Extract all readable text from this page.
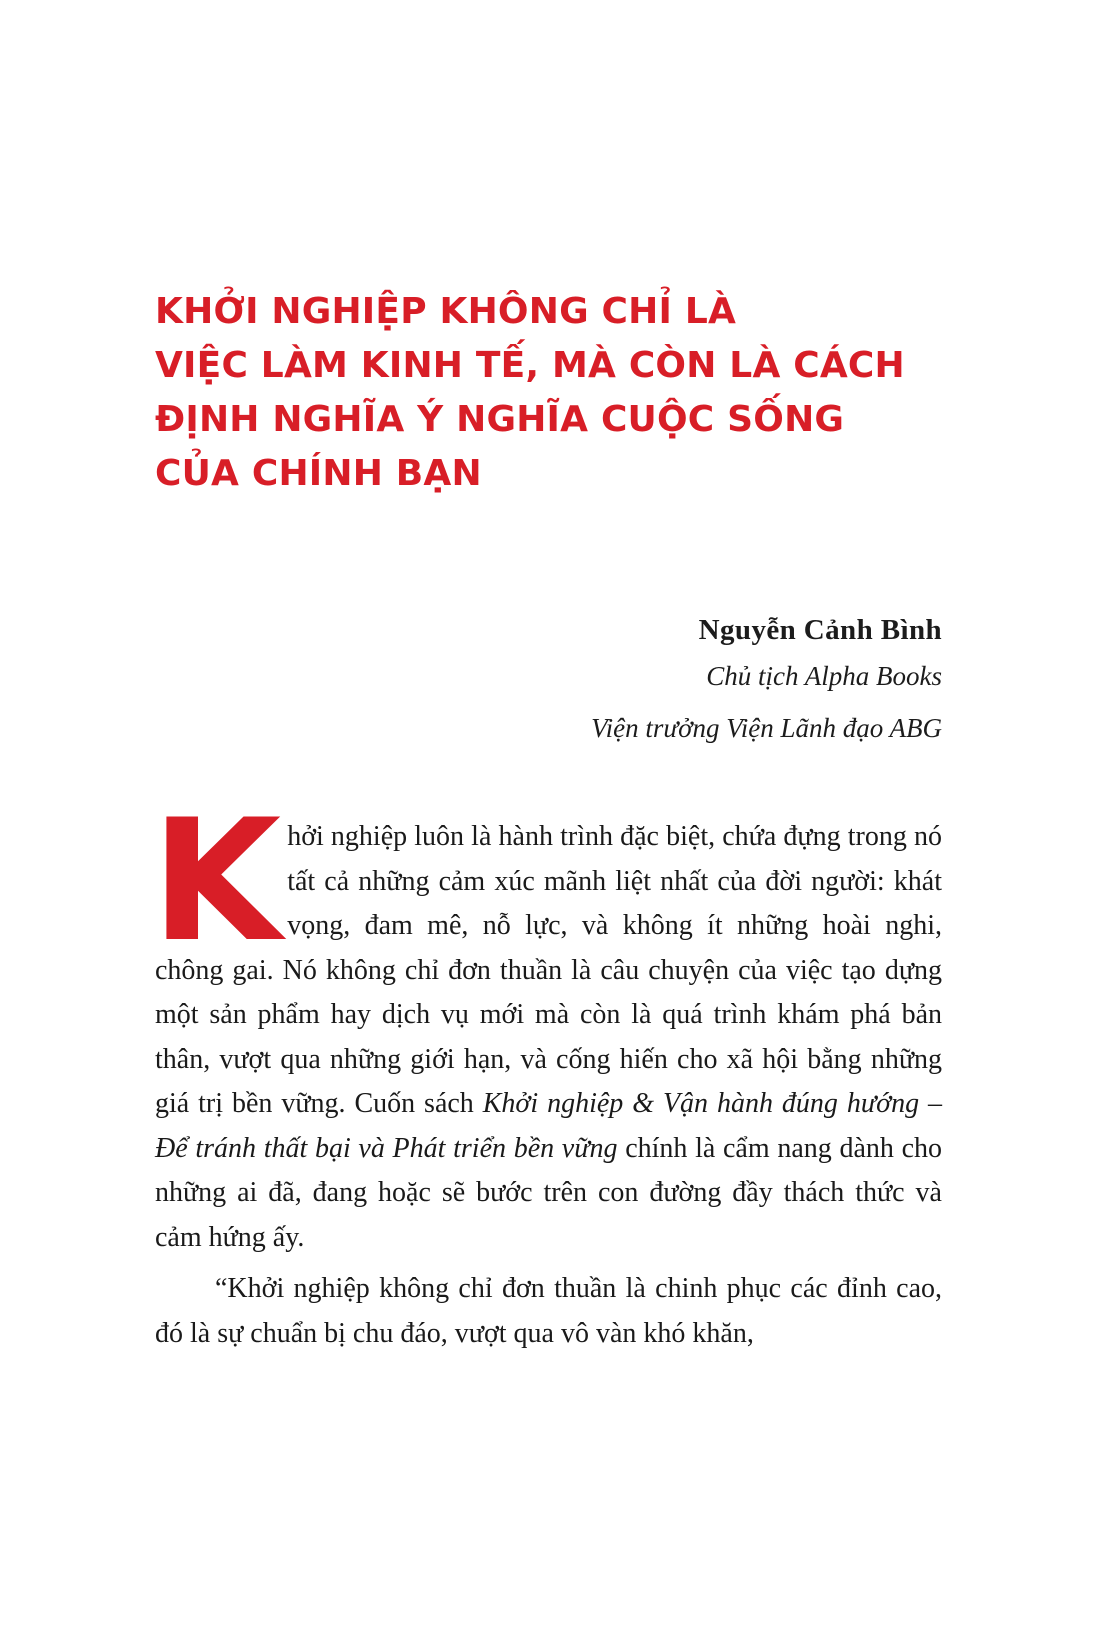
KHỞI NGHIỆP KHÔNG CHỈ LÀ
VIỆC LÀM KINH TẾ, MÀ CÒN LÀ CÁCH
ĐỊNH NGHĨA Ý NGHĨA CUỘC SỐNG
CỦA CHÍNH BẠN
Nguyễn Cảnh Bình
Chủ tịch Alpha Books
Viện trưởng Viện Lãnh đạo ABG

Khởi nghiệp luôn là hành trình đặc biệt, chứa đựng trong nó tất cả những cảm xúc mãnh liệt nhất của đời người: khát vọng, đam mê, nỗ lực, và không ít những hoài nghi, chông gai. Nó không chỉ đơn thuần là câu chuyện của việc tạo dựng một sản phẩm hay dịch vụ mới mà còn là quá trình khám phá bản thân, vượt qua những giới hạn, và cống hiến cho xã hội bằng những giá trị bền vững. Cuốn sách Khởi nghiệp & Vận hành đúng hướng – Để tránh thất bại và Phát triển bền vững chính là cẩm nang dành cho những ai đã, đang hoặc sẽ bước trên con đường đầy thách thức và cảm hứng ấy.

“Khởi nghiệp không chỉ đơn thuần là chinh phục các đỉnh cao, đó là sự chuẩn bị chu đáo, vượt qua vô vàn khó khăn,
